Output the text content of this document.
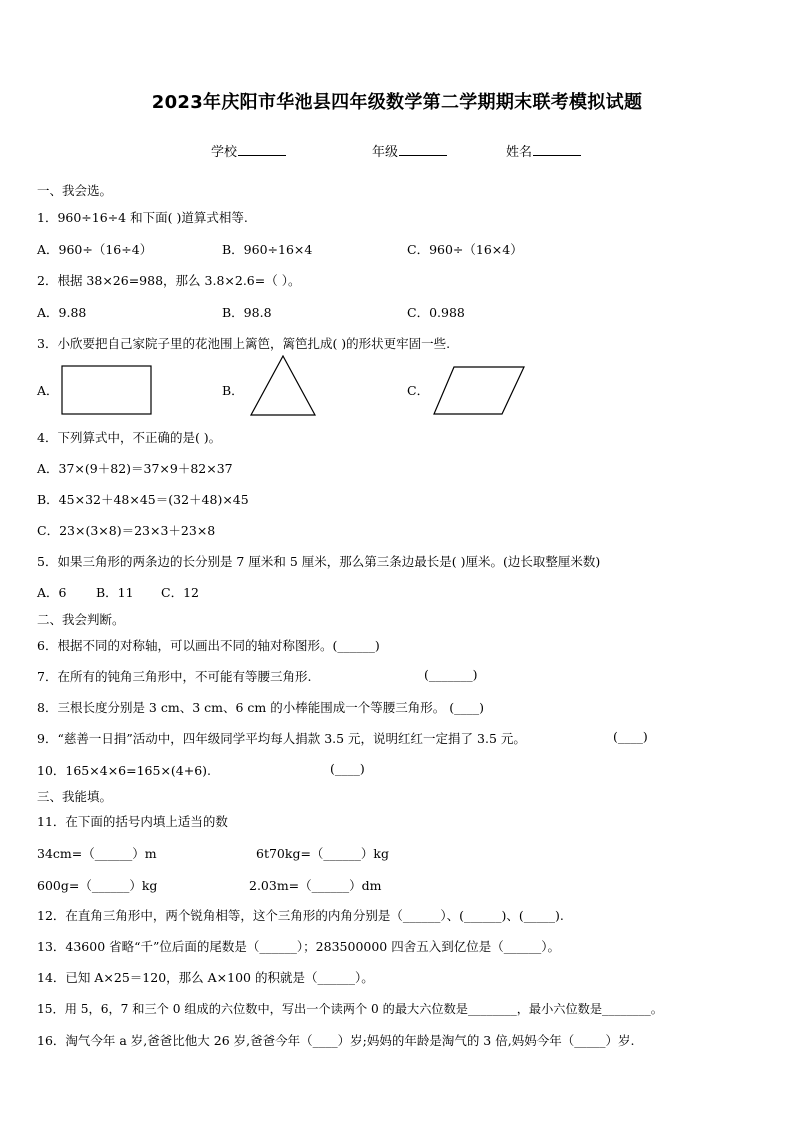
2023年庆阳市华池县四年级数学第二学期期末联考模拟试题
学校	年级	姓名
一、我会选。
1．960÷16÷4 和下面( )道算式相等.
A．960÷（16÷4）	B．960÷16×4	C．960÷（16×4）
2．根据 38×26=988，那么 3.8×2.6=（ ）。
A．9.88	B．98.8	C．0.988
3．小欣要把自己家院子里的花池围上篱笆，篱笆扎成( )的形状更牢固一些.
A．	B．	C．
4．下列算式中，不正确的是( )。
A．37×(9＋82)＝37×9＋82×37
B．45×32＋48×45＝(32＋48)×45
C．23×(3×8)＝23×3＋23×8
5．如果三角形的两条边的长分别是 7 厘米和 5 厘米，那么第三条边最长是( )厘米。(边长取整厘米数)
A．6 B．11 C．12
二、我会判断。
6．根据不同的对称轴，可以画出不同的轴对称图形。(______)
7．在所有的钝角三角形中，不可能有等腰三角形.	(_______)
8．三根长度分别是 3 cm、3 cm、6 cm 的小棒能围成一个等腰三角形。 (____)
9．“慈善一日捐”活动中，四年级同学平均每人捐款 3.5 元，说明红红一定捐了 3.5 元。	(____)
10．165×4×6=165×(4+6).	(____)
三、我能填。
11．在下面的括号内填上适当的数
34cm=（______）m	6t70kg=（______）kg
600g=（______）kg	2.03m=（______）dm
12．在直角三角形中，两个锐角相等，这个三角形的内角分别是（______）、(______)、(_____).
13．43600 省略“千”位后面的尾数是（______）；283500000 四舍五入到亿位是（______）。
14．已知 A×25＝120，那么 A×100 的积就是（______）。
15．用 5，6，7 和三个 0 组成的六位数中，写出一个读两个 0 的最大六位数是________，最小六位数是________。
16．淘气今年 a 岁,爸爸比他大 26 岁,爸爸今年（____）岁;妈妈的年龄是淘气的 3 倍,妈妈今年（_____）岁.
